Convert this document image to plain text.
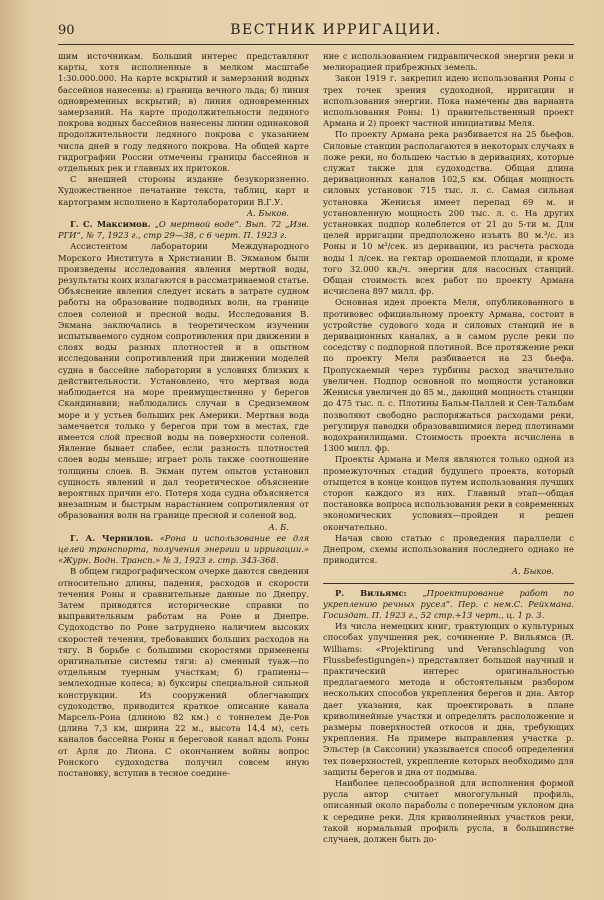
90	ВЕСТНИК ИРРИГАЦИИ.

шим источникам. Больший интерес представляют карты, хотя исполненные в мелком масштабе 1:30.000.000. На карте вскрытий и замерзаний водных бассейнов нанесены: а) граница вечного льда; б) линия одновременных вскрытий; в) линия одновременных замерзаний. На карте продолжительности ледяного покрова водных бассейнов нанесены линии одинаковой продолжительности ледяного покрова с указанием числа дней в году ледяного покрова. На общей карте гидрографии России отмечены границы бассейнов и отдельных рек и главных их притоков.

С внешней стороны издание безукоризненно. Художественное печатание текста, таблиц, карт и картограмм исполнено в Картолаборатории В.Г.У.

А. Быков.

Г. С. Максимов. „О мертвой воде“. Вып. 72 „Изв. РГИ“, № 7, 1923 г., стр 29—38, с 6 черт. П. 1923 г.

Ассистентом лаборатории Международного Морского Института в Христиании В. Экманом были произведены исследования явления мертвой воды, результаты коих излагаются в рассматриваемой статье. Объяснение явления следует искать в затрате судном работы на образование подводных волн, на границе слоев соленой и пресной воды. Исследования В. Экмана заключались в теоретическом изучении испытываемого судном сопротивления при движении в слоях воды разных плотностей и в опытном исследовании сопротивлений при движении моделей судна в бассейне лаборатории в условиях близких к действительности. Установлено, что мертвая вода наблюдается на море преимущественно у берегов Скандинавии; наблюдались случаи в Средиземном море и у устьев больших рек Америки. Мертвая вода замечается только у берегов при том в местах, где имеется слой пресной воды на поверхности соленой. Явление бывает слабее, если разность плотностей слоев воды меньше; играет роль также соотношение толщины слоев. В. Экман путем опытов установил сущность явлений и дал теоретическое объяснение вероятных причин его. Потеря хода судна объясняется внезапным и быстрым нарастанием сопротивления от образования волн на границе пресной и соленой вод.

А. Б.

Г. А. Чернилов. «Рона и использование ее для целей транспорта, получения энергии и ирригации.» «Журн. Водн. Трансп.» № 3, 1923 г. стр. 343-368.

В общем гидрографическом очерке даются сведения относительно длины, падения, расходов и скорости течения Роны и сравнительные данные по Днепру. Затем приводятся исторические справки по выправительным работам на Роне и Днепре. Судоходство по Роне затруднено наличием высоких скоростей течения, требовавших больших расходов на тягу. В борьбе с большими скоростями применены оригинальные системы тяги: а) сменный туаж—по отдельным туерным участкам; б) грапиены—землеходные колеса; в) буксиры специальной сильной конструкции. Из сооружений облегчающих судоходство, приводится краткое описание канала Марсель-Рона (длиною 82 км.) с тоннелем Де-Ров (длина 7,3 км, ширина 22 м., высота 14,4 м), сеть каналов бассейна Роны и береговой канал вдоль Роны от Арля до Лиона. С окончанием войны вопрос Ронского судоходства получил совсем иную постановку, вступив в тесное соедине-

ние с использованием гидравлической энергии реки и мелиорацией прибрежных земель.

Закон 1919 г. закрепил идею использования Роны с трех точек зрения судоходной, ирригации и использования энергии. Пока намечены два варианта использования Роны: 1) правительственный проект Армана и 2) проект частной инициативы Меля.

По проекту Армана река разбивается на 25 бьефов. Силовые станции располагаются в некоторых случаях в ложе реки, но большею частью в деривациях, которые служат также для судоходства. Общая длина деривационных каналов 102,5 км. Общая мощность силовых установок 715 тыс. л. с. Самая сильная установка Женисья имеет перепад 69 м. и установленную мощность 200 тыс. л. с. На других установках подпор колеблется от 21 до 5-ти м. Для целей ирригации предположено изъять 80 м.³/с. из Роны и 10 м³/сек. из деривации, из расчета расхода воды 1 л/сек. на гектар орошаемой площади, и кроме того 32.000 кв./ч. энергии для насосных станций. Общая стоимость всех работ по проекту Армана исчислена 897 милл. фр.

Основная идея проекта Меля, опубликованного в противовес официальному проекту Армана, состоит в устройстве судового хода и силовых станций не в деривационных каналах, а в самом русле реки по соседству с подпорной плотиной. Все протяжение реки по проекту Меля разбивается на 23 бьефа. Пропускаемый через турбины расход значительно увеличен. Подпор основной по мощности установки Женисья увеличен до 85 м., дающий мощность станции до 475 тыс. л. с. Плотины Бальм-Паллей и Сен-Тальбам позволяют свободно распоряжаться расходами реки, регулируя паводки образовавшимися перед плотинами водохранилищами. Стоимость проекта исчислена в 1300 милл. фр.

Проекты Армана и Меля являются только одной из промежуточных стадий будущего проекта, который отыщется в конце концов путем использования лучших сторон каждого из них. Главный этап—общая постановка вопроса использования реки в современных экономических условиях—пройден и решен окончательно.

Начав свою статью с проведения параллели с Днепром, схемы использования последнего однако не приводится.

А. Быков.

Р. Вильямс: „Проектирование работ по укреплению речных русел“. Пер. с нем.С. Рейхмана. Госиздат. П. 1923 г., 52 стр.+13 черт., ц. 1 р. 3.

Из числа немецких книг, трактующих о культурных способах улучшения рек, сочинение Р. Вильямса (R. Williams: «Projektirung und Veranschlagung von Flussbefestigungen») представляет большой научный и практический интерес оригинальностью предлагаемого метода и обстоятельным разбором нескольких способов укрепления берегов и дна. Автор дает указания, как проектировать в плане криволинейные участки и определять расположение и размеры поверхностей откосов и дна, требующих укрепления. На примере выправления участка р. Эльстер (в Саксонии) указывается способ определения тех поверхностей, укрепление которых необходимо для защиты берегов и дна от подмыва.

Наиболее целесообразной для исполнения формой русла автор считает многогульный профиль, описанный около параболы с поперечным уклоном дна к середине реки. Для криволинейных участков реки, такой нормальный профиль русла, в большинстве случаев, должен быть до-
